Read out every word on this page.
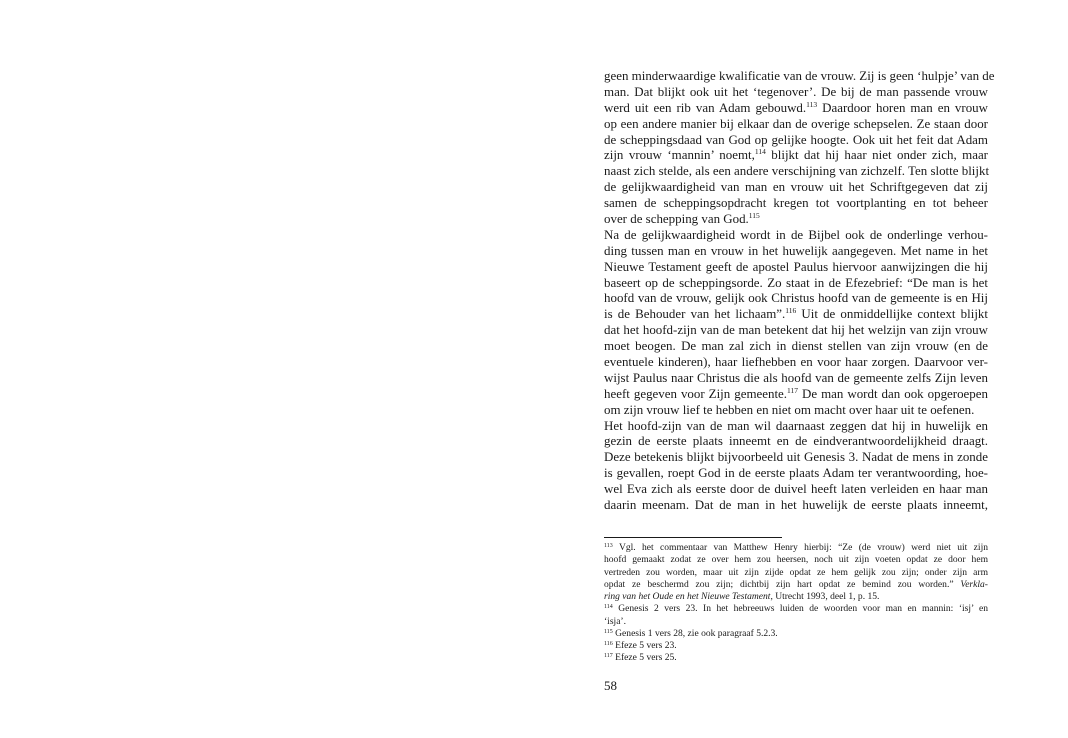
geen minderwaardige kwalificatie van de vrouw. Zij is geen ‘hulpje’ van de
man. Dat blijkt ook uit het ‘tegenover’. De bij de man passende vrouw
werd uit een rib van Adam gebouwd.$^{113}$ Daardoor horen man en vrouw
op een andere manier bij elkaar dan de overige schepselen. Ze staan door
de scheppingsdaad van God op gelijke hoogte. Ook uit het feit dat Adam
zijn vrouw ‘mannin’ noemt,$^{114}$ blijkt dat hij haar niet onder zich, maar
naast zich stelde, als een andere verschijning van zichzelf. Ten slotte blijkt
de gelijkwaardigheid van man en vrouw uit het Schriftgegeven dat zij
samen de scheppingsopdracht kregen tot voortplanting en tot beheer
over de schepping van God.$^{115}$
Na de gelijkwaardigheid wordt in de Bijbel ook de onderlinge verhou-
ding tussen man en vrouw in het huwelijk aangegeven. Met name in het
Nieuwe Testament geeft de apostel Paulus hiervoor aanwijzingen die hij
baseert op de scheppingsorde. Zo staat in de Efezebrief: “De man is het
hoofd van de vrouw, gelijk ook Christus hoofd van de gemeente is en Hij
is de Behouder van het lichaam”.$^{116}$ Uit de onmiddellijke context blijkt
dat het hoofd-zijn van de man betekent dat hij het welzijn van zijn vrouw
moet beogen. De man zal zich in dienst stellen van zijn vrouw (en de
eventuele kinderen), haar liefhebben en voor haar zorgen. Daarvoor ver-
wijst Paulus naar Christus die als hoofd van de gemeente zelfs Zijn leven
heeft gegeven voor Zijn gemeente.$^{117}$ De man wordt dan ook opgeroepen
om zijn vrouw lief te hebben en niet om macht over haar uit te oefenen.
Het hoofd-zijn van de man wil daarnaast zeggen dat hij in huwelijk en
gezin de eerste plaats inneemt en de eindverantwoordelijkheid draagt.
Deze betekenis blijkt bijvoorbeeld uit Genesis 3. Nadat de mens in zonde
is gevallen, roept God in de eerste plaats Adam ter verantwoording, hoe-
wel Eva zich als eerste door de duivel heeft laten verleiden en haar man
daarin meenam. Dat de man in het huwelijk de eerste plaats inneemt,
$^{113}$ Vgl. het commentaar van Matthew Henry hierbij: “Ze (de vrouw) werd niet uit zijn
hoofd gemaakt zodat ze over hem zou heersen, noch uit zijn voeten opdat ze door hem
vertreden zou worden, maar uit zijn zijde opdat ze hem gelijk zou zijn; onder zijn arm
opdat ze beschermd zou zijn; dichtbij zijn hart opdat ze bemind zou worden.” Verkla-
ring van het Oude en het Nieuwe Testament, Utrecht 1993, deel 1, p. 15.
$^{114}$ Genesis 2 vers 23. In het hebreeuws luiden de woorden voor man en mannin: ‘isj’ en
‘isja’.
$^{115}$ Genesis 1 vers 28, zie ook paragraaf 5.2.3.
$^{116}$ Efeze 5 vers 23.
$^{117}$ Efeze 5 vers 25.
58
